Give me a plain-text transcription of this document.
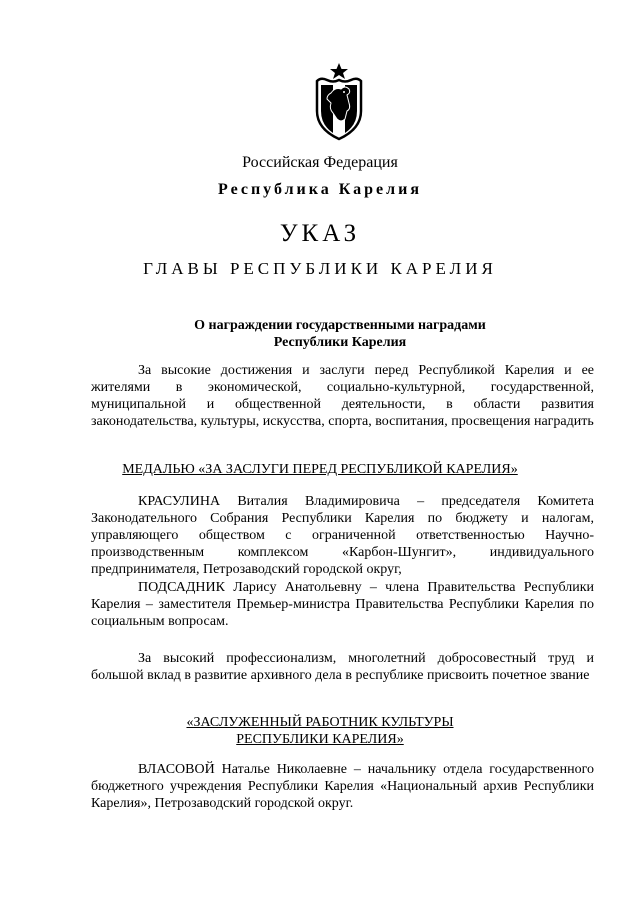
Российская Федерация
Республика Карелия
УКАЗ
ГЛАВЫ РЕСПУБЛИКИ КАРЕЛИЯ
О награждении государственными наградами
Республики Карелия
За высокие достижения и заслуги перед Республикой Карелия и ее жителями в экономической, социально-культурной, государственной, муниципальной и общественной деятельности, в области развития законодательства, культуры, искусства, спорта, воспитания, просвещения наградить
МЕДАЛЬЮ «ЗА ЗАСЛУГИ ПЕРЕД РЕСПУБЛИКОЙ КАРЕЛИЯ»
КРАСУЛИНА Виталия Владимировича – председателя Комитета Законодательного Собрания Республики Карелия по бюджету и налогам, управляющего обществом с ограниченной ответственностью Научно-производственным комплексом «Карбон-Шунгит», индивидуального предпринимателя, Петрозаводский городской округ,
ПОДСАДНИК Ларису Анатольевну – члена Правительства Республики Карелия – заместителя Премьер-министра Правительства Республики Карелия по социальным вопросам.
За высокий профессионализм, многолетний добросовестный труд и большой вклад в развитие архивного дела в республике присвоить почетное звание
«ЗАСЛУЖЕННЫЙ РАБОТНИК КУЛЬТУРЫ
РЕСПУБЛИКИ КАРЕЛИЯ»
ВЛАСОВОЙ Наталье Николаевне – начальнику отдела государственного бюджетного учреждения Республики Карелия «Национальный архив Республики Карелия», Петрозаводский городской округ.
